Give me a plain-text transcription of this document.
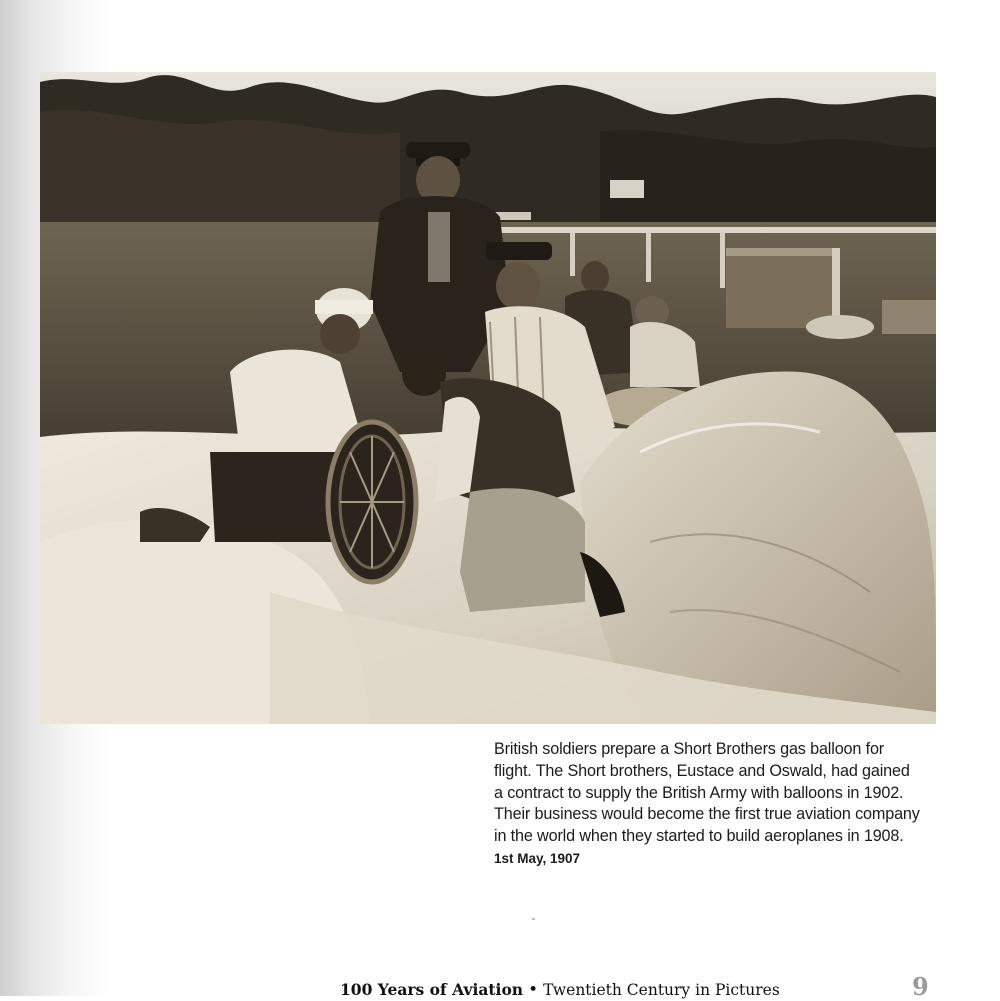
British soldiers prepare a Short Brothers gas balloon for
flight. The Short brothers, Eustace and Oswald, had gained
a contract to supply the British Army with balloons in 1902.
Their business would become the first true aviation company
in the world when they started to build aeroplanes in 1908.
1st May, 1907
100 Years of Aviation • Twentieth Century in Pictures	9
